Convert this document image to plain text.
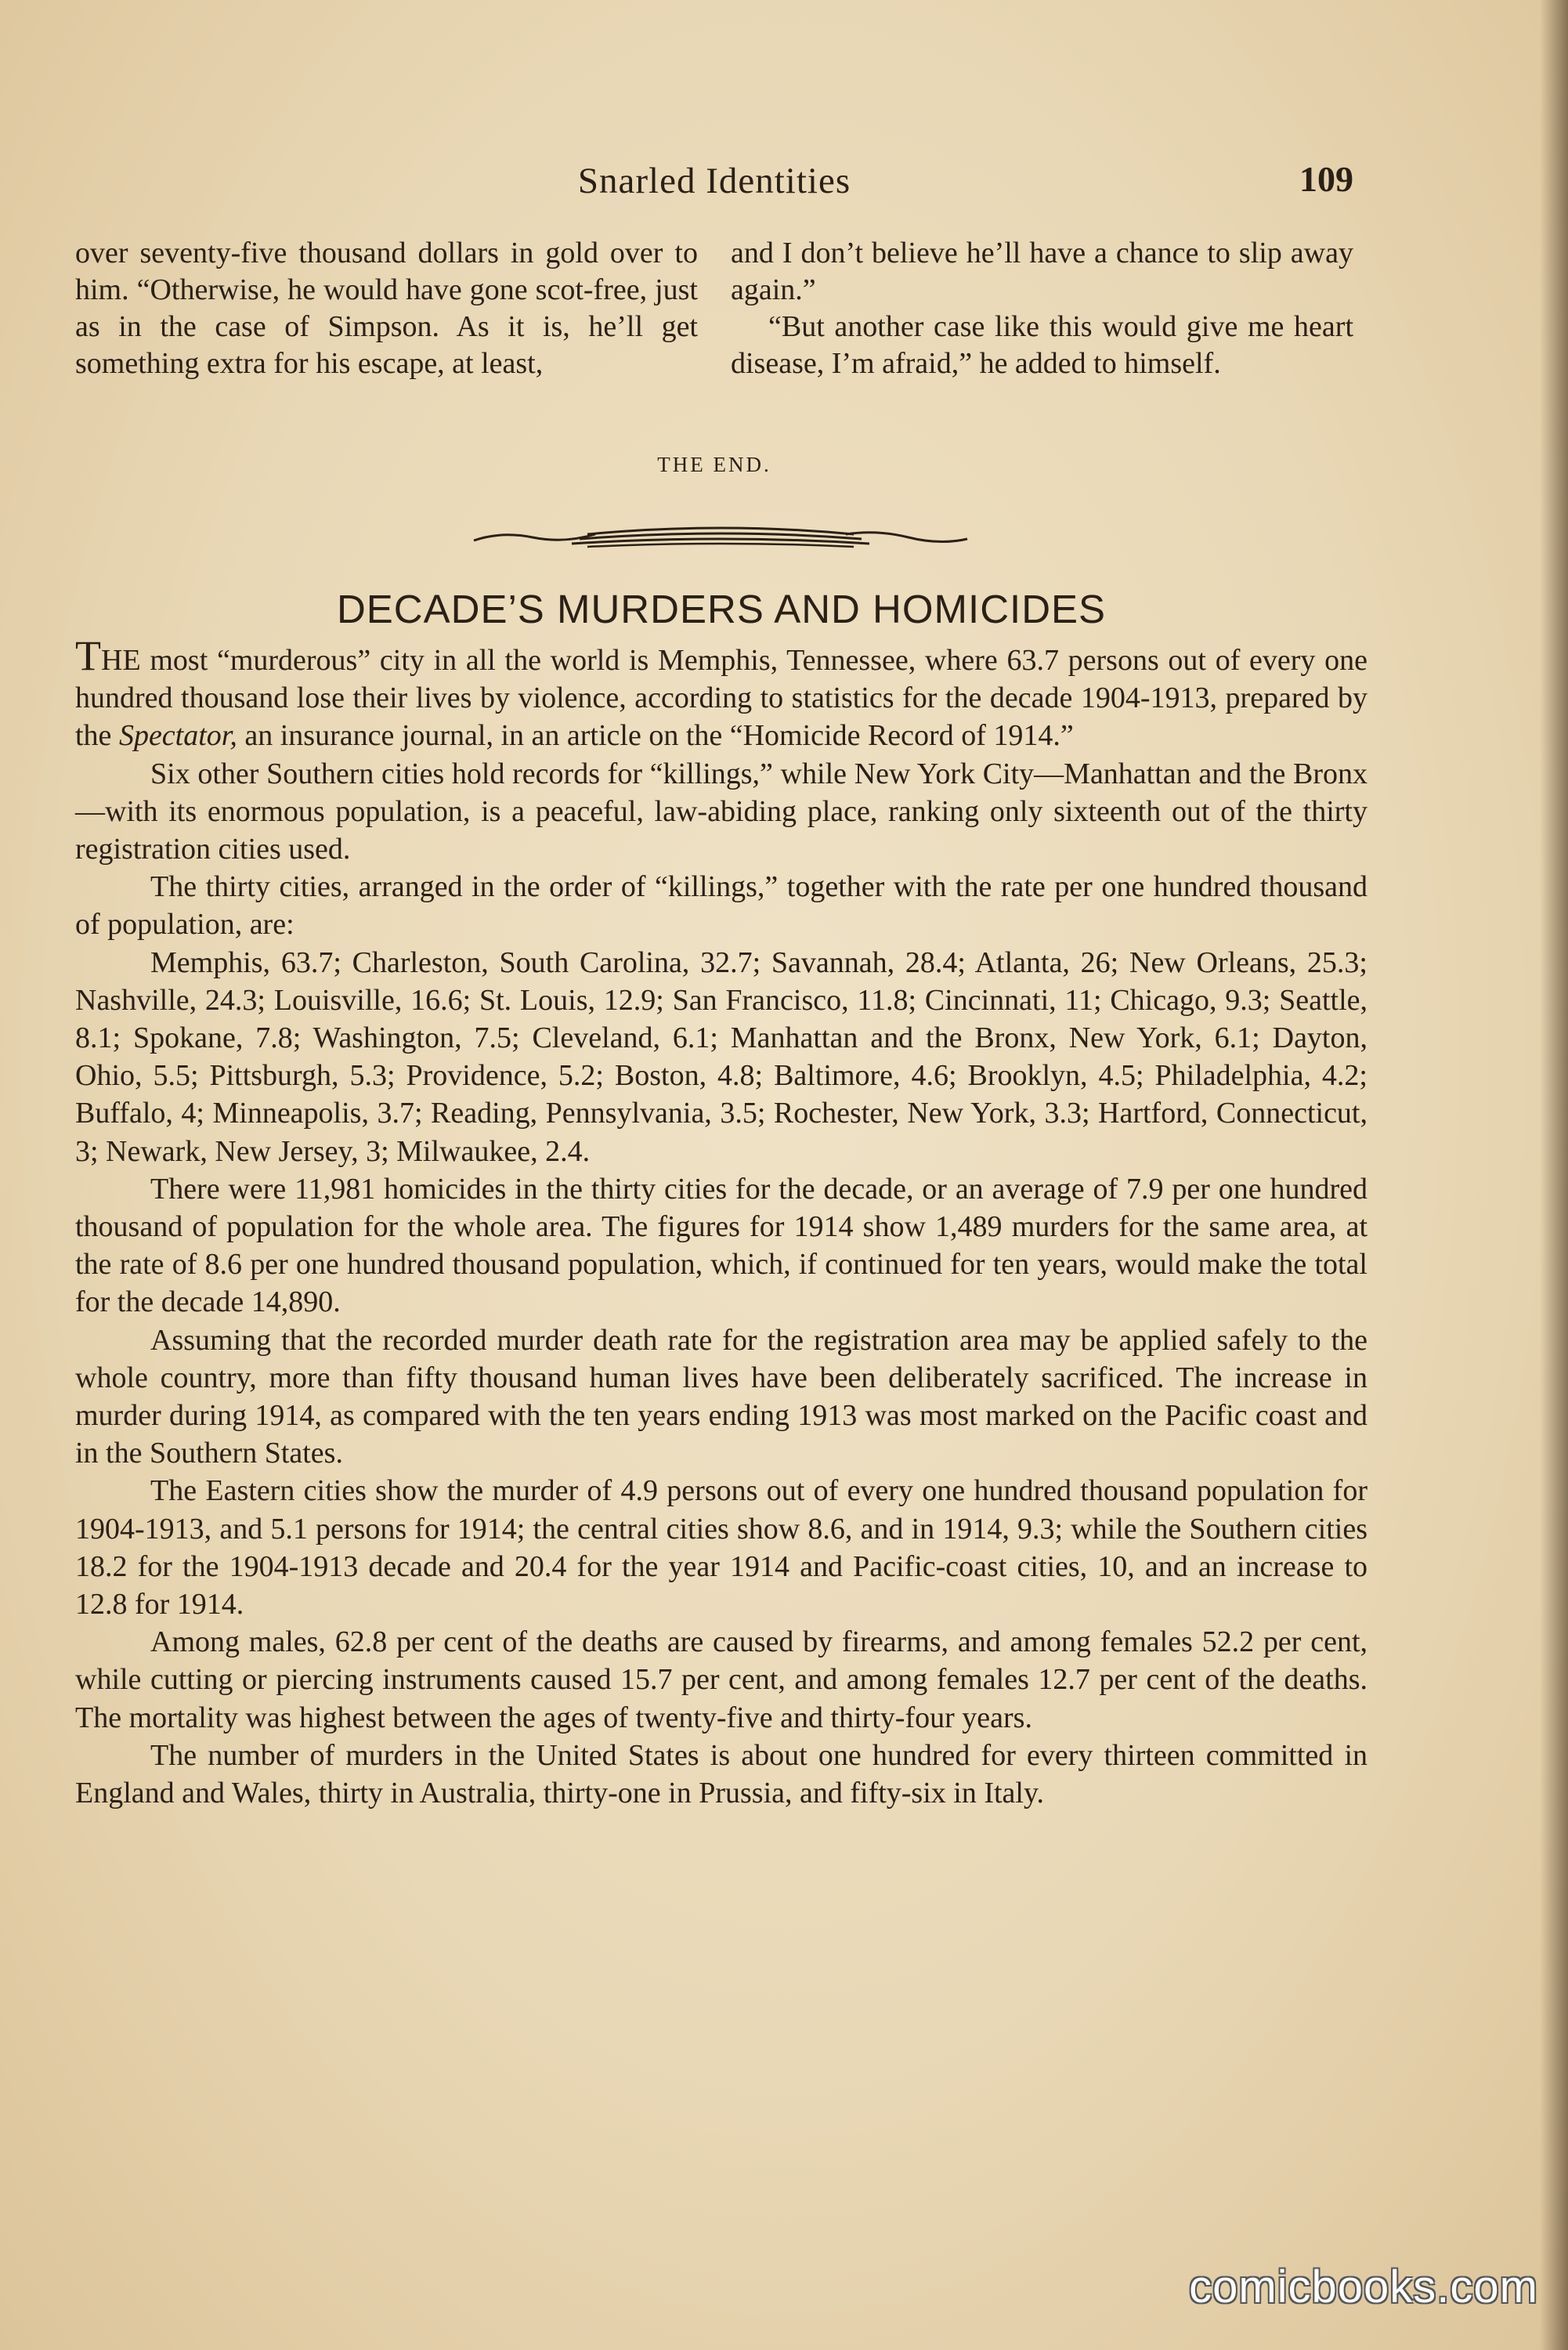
Snarled Identities	109

over seventy-five thousand dollars in gold over to him. “Otherwise, he would have gone scot-free, just as in the case of Simpson. As it is, he’ll get something extra for his escape, at least,

and I don’t believe he’ll have a chance to slip away again.”

“But another case like this would give me heart disease, I’m afraid,” he added to himself.

THE END.
DECADE’S MURDERS AND HOMICIDES

THE most “murderous” city in all the world is Memphis, Tennessee, where 63.7 persons out of every one hundred thousand lose their lives by violence, according to statistics for the decade 1904-1913, prepared by the Spectator, an insurance journal, in an article on the “Homicide Record of 1914.”

Six other Southern cities hold records for “killings,” while New York City—Manhattan and the Bronx—with its enormous population, is a peaceful, law-abiding place, ranking only sixteenth out of the thirty registration cities used.

The thirty cities, arranged in the order of “killings,” together with the rate per one hundred thousand of population, are:

Memphis, 63.7; Charleston, South Carolina, 32.7; Savannah, 28.4; Atlanta, 26; New Orleans, 25.3; Nashville, 24.3; Louisville, 16.6; St. Louis, 12.9; San Francisco, 11.8; Cincinnati, 11; Chicago, 9.3; Seattle, 8.1; Spokane, 7.8; Washington, 7.5; Cleveland, 6.1; Manhattan and the Bronx, New York, 6.1; Dayton, Ohio, 5.5; Pittsburgh, 5.3; Providence, 5.2; Boston, 4.8; Baltimore, 4.6; Brooklyn, 4.5; Philadelphia, 4.2; Buffalo, 4; Minneapolis, 3.7; Reading, Pennsylvania, 3.5; Rochester, New York, 3.3; Hartford, Connecticut, 3; Newark, New Jersey, 3; Milwaukee, 2.4.

There were 11,981 homicides in the thirty cities for the decade, or an average of 7.9 per one hundred thousand of population for the whole area. The figures for 1914 show 1,489 murders for the same area, at the rate of 8.6 per one hundred thousand population, which, if continued for ten years, would make the total for the decade 14,890.

Assuming that the recorded murder death rate for the registration area may be applied safely to the whole country, more than fifty thousand human lives have been deliberately sacrificed. The increase in murder during 1914, as compared with the ten years ending 1913 was most marked on the Pacific coast and in the Southern States.

The Eastern cities show the murder of 4.9 persons out of every one hundred thousand population for 1904-1913, and 5.1 persons for 1914; the central cities show 8.6, and in 1914, 9.3; while the Southern cities 18.2 for the 1904-1913 decade and 20.4 for the year 1914 and Pacific-coast cities, 10, and an increase to 12.8 for 1914.

Among males, 62.8 per cent of the deaths are caused by firearms, and among females 52.2 per cent, while cutting or piercing instruments caused 15.7 per cent, and among females 12.7 per cent of the deaths. The mortality was highest between the ages of twenty-five and thirty-four years.

The number of murders in the United States is about one hundred for every thirteen committed in England and Wales, thirty in Australia, thirty-one in Prussia, and fifty-six in Italy.

comicbooks.com
